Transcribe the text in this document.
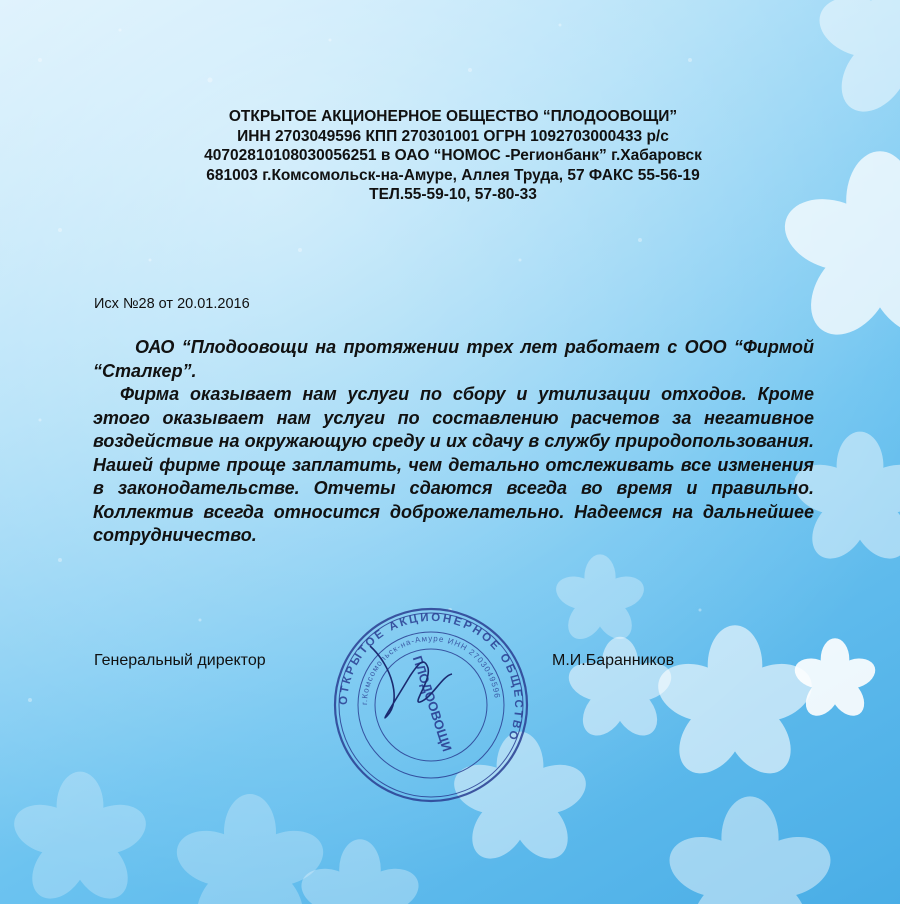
ОТКРЫТОЕ АКЦИОНЕРНОЕ ОБЩЕСТВО “ПЛОДООВОЩИ”
ИНН 2703049596 КПП 270301001 ОГРН 1092703000433 р/с
40702810108030056251 в ОАО “НОМОС -Регионбанк” г.Хабаровск
681003 г.Комсомольск-на-Амуре, Аллея Труда, 57 ФАКС 55-56-19
ТЕЛ.55-59-10, 57-80-33
Исх №28 от 20.01.2016

ОАО “Плодоовощи на протяжении трех лет работает с ООО “Фирмой “Сталкер”.

Фирма оказывает нам услуги по сбору и утилизации отходов. Кроме этого оказывает нам услуги по составлению расчетов за негативное воздействие на окружающую среду и их сдачу в службу природопользования. Нашей фирме проще заплатить, чем детально отслеживать все изменения в законодательстве. Отчеты сдаются всегда во время и правильно. Коллектив всегда относится доброжелательно. Надеемся на дальнейшее сотрудничество.

ОТКРЫТОЕ АКЦИОНЕРНОЕ ОБЩЕСТВО
г.Комсомольск-на-Амуре ИНН 2703049596
ПЛОДООВОЩИ
Генеральный директор	М.И.Баранников
